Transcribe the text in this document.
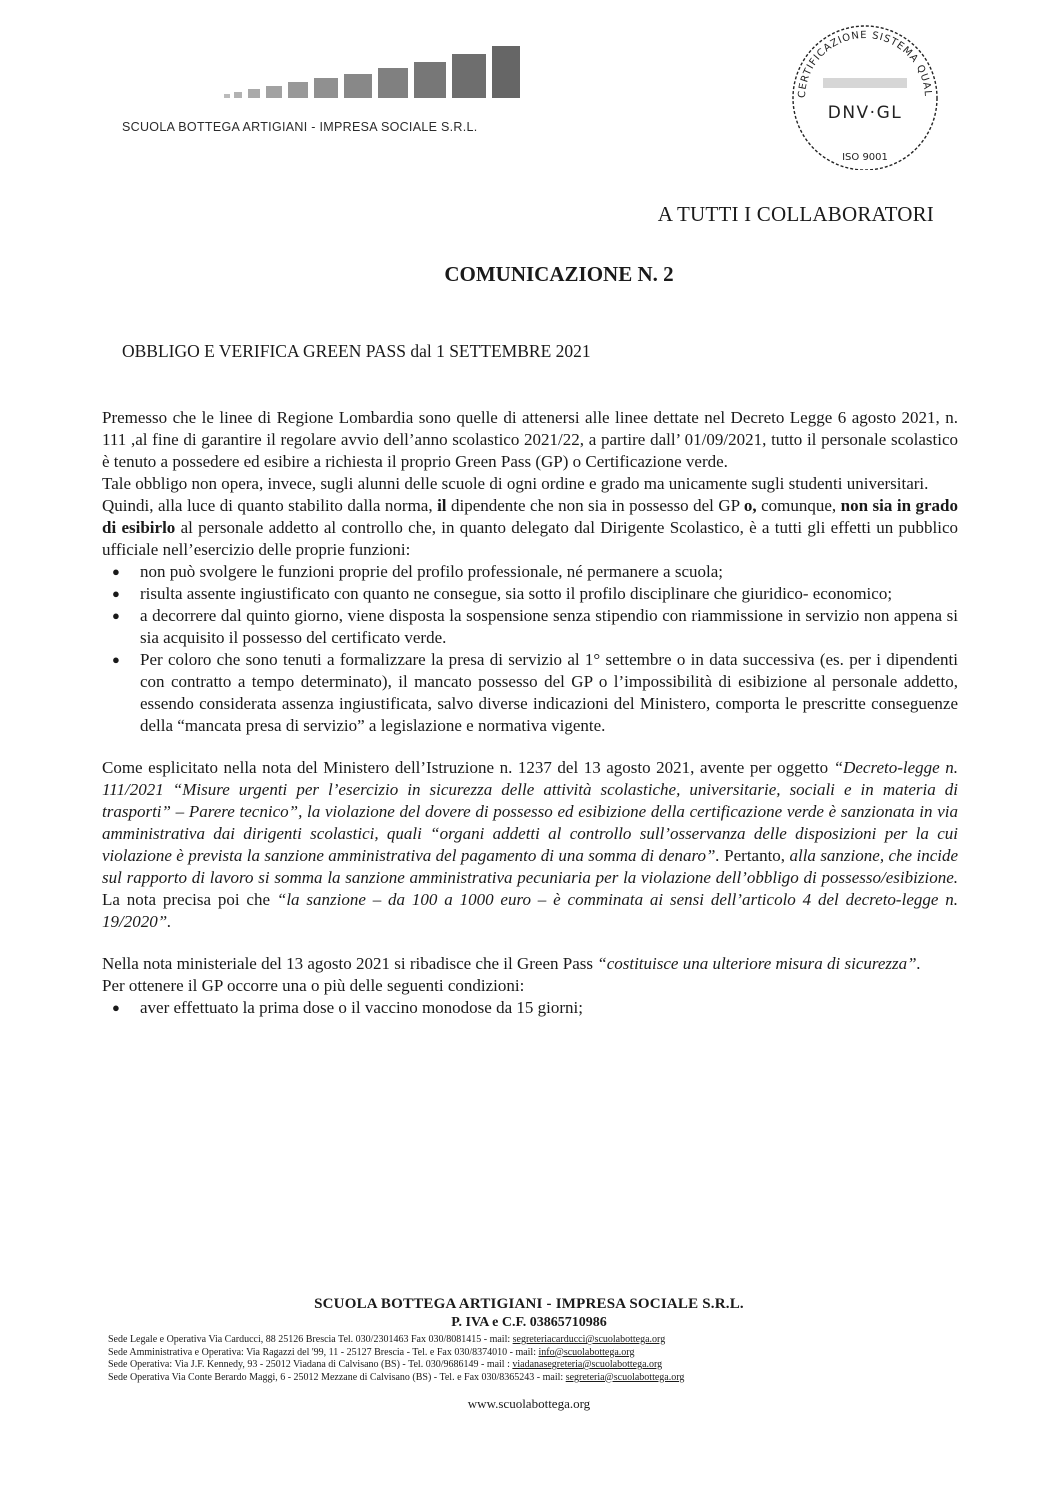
SCUOLA BOTTEGA ARTIGIANI - IMPRESA SOCIALE S.R.L.
CERTIFICAZIONE SISTEMA QUAL
DNV·GL
ISO 9001
A TUTTI I COLLABORATORI
COMUNICAZIONE N. 2
OBBLIGO E VERIFICA GREEN PASS dal 1 SETTEMBRE 2021

Premesso che le linee di Regione Lombardia sono quelle di attenersi alle linee dettate nel Decreto Legge 6 agosto 2021, n. 111 ,al fine di garantire il regolare avvio dell’anno scolastico 2021/22, a partire dall’ 01/09/2021, tutto il personale scolastico è tenuto a possedere ed esibire a richiesta il proprio Green Pass (GP) o Certificazione verde.

Tale obbligo non opera, invece, sugli alunni delle scuole di ogni ordine e grado ma unicamente sugli studenti universitari.

Quindi, alla luce di quanto stabilito dalla norma, il dipendente che non sia in possesso del GP o, comunque, non sia in grado di esibirlo al personale addetto al controllo che, in quanto delegato dal Dirigente Scolastico, è a tutti gli effetti un pubblico ufficiale nell’esercizio delle proprie funzioni:

● non può svolgere le funzioni proprie del profilo professionale, né permanere a scuola;
● risulta assente ingiustificato con quanto ne consegue, sia sotto il profilo disciplinare che giuridico- economico;
● a decorrere dal quinto giorno, viene disposta la sospensione senza stipendio con riammissione in servizio non appena si sia acquisito il possesso del certificato verde.
● Per coloro che sono tenuti a formalizzare la presa di servizio al 1° settembre o in data successiva (es. per i dipendenti con contratto a tempo determinato), il mancato possesso del GP o l’impossibilità di esibizione al personale addetto, essendo considerata assenza ingiustificata, salvo diverse indicazioni del Ministero, comporta le prescritte conseguenze della “mancata presa di servizio” a legislazione e normativa vigente.

Come esplicitato nella nota del Ministero dell’Istruzione n. 1237 del 13 agosto 2021, avente per oggetto “Decreto-legge n. 111/2021 “Misure urgenti per l’esercizio in sicurezza delle attività scolastiche, universitarie, sociali e in materia di trasporti” – Parere tecnico”, la violazione del dovere di possesso ed esibizione della certificazione verde è sanzionata in via amministrativa dai dirigenti scolastici, quali “organi addetti al controllo sull’osservanza delle disposizioni per la cui violazione è prevista la sanzione amministrativa del pagamento di una somma di denaro”. Pertanto, alla sanzione, che incide sul rapporto di lavoro si somma la sanzione amministrativa pecuniaria per la violazione dell’obbligo di possesso/esibizione. La nota precisa poi che “la sanzione – da 100 a 1000 euro – è comminata ai sensi dell’articolo 4 del decreto-legge n. 19/2020”.

Nella nota ministeriale del 13 agosto 2021 si ribadisce che il Green Pass “costituisce una ulteriore misura di sicurezza”.

Per ottenere il GP occorre una o più delle seguenti condizioni:

● aver effettuato la prima dose o il vaccino monodose da 15 giorni;
SCUOLA BOTTEGA ARTIGIANI - IMPRESA SOCIALE S.R.L.
P. IVA e C.F. 03865710986
Sede Legale e Operativa Via Carducci, 88 25126 Brescia Tel. 030/2301463 Fax 030/8081415 - mail: segreteriacarducci@scuolabottega.org
Sede Amministrativa e Operativa: Via Ragazzi del '99, 11 - 25127 Brescia - Tel. e Fax 030/8374010 - mail: info@scuolabottega.org
Sede Operativa: Via J.F. Kennedy, 93 - 25012 Viadana di Calvisano (BS) - Tel. 030/9686149 - mail : viadanasegreteria@scuolabottega.org
Sede Operativa Via Conte Berardo Maggi, 6 - 25012 Mezzane di Calvisano (BS) - Tel. e Fax 030/8365243 - mail: segreteria@scuolabottega.org
www.scuolabottega.org
